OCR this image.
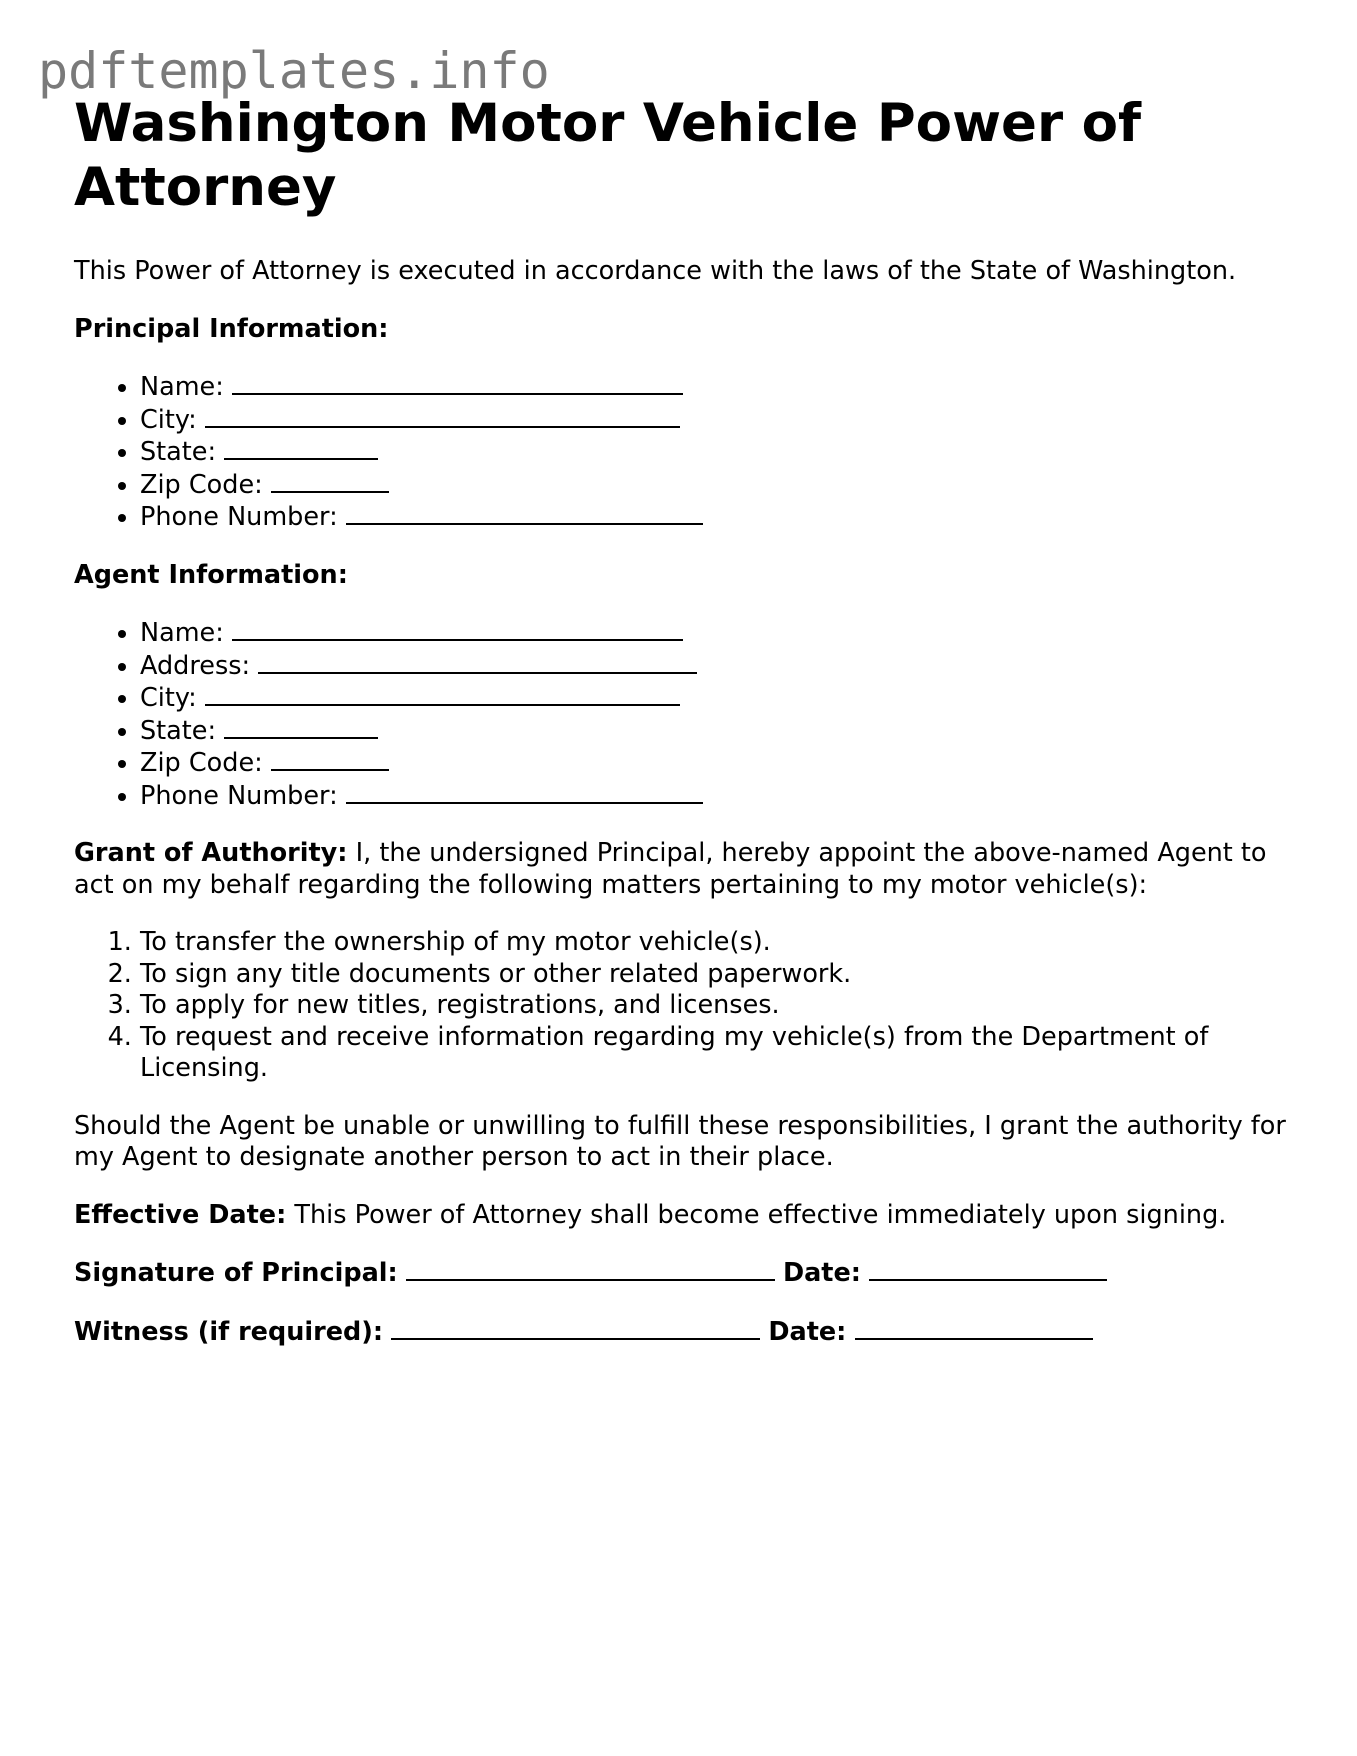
pdftemplates.info
Washington Motor Vehicle Power of Attorney

This Power of Attorney is executed in accordance with the laws of the State of Washington.

Principal Information:

• Name:
• City:
• State:
• Zip Code:
• Phone Number:

Agent Information:

• Name:
• Address:
• City:
• State:
• Zip Code:
• Phone Number:

Grant of Authority: I, the undersigned Principal, hereby appoint the above-named Agent to act on my behalf regarding the following matters pertaining to my motor vehicle(s):

1. To transfer the ownership of my motor vehicle(s).
2. To sign any title documents or other related paperwork.
3. To apply for new titles, registrations, and licenses.
4. To request and receive information regarding my vehicle(s) from the Department of Licensing.

Should the Agent be unable or unwilling to fulfill these responsibilities, I grant the authority for my Agent to designate another person to act in their place.

Effective Date: This Power of Attorney shall become effective immediately upon signing.

Signature of Principal:	Date:

Witness (if required):	Date:
